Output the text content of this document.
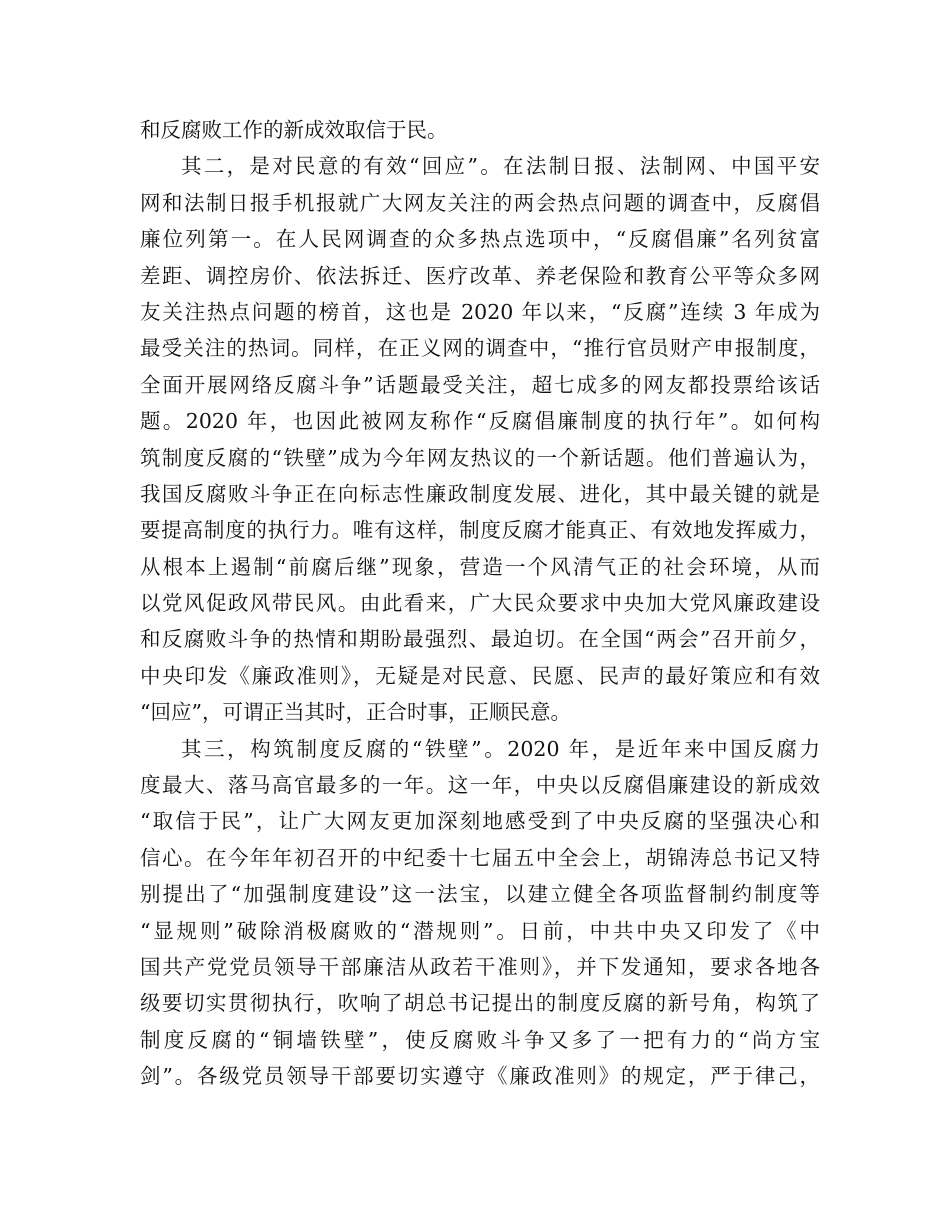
和反腐败工作的新成效取信于民。
其二，是对民意的有效“回应”。在法制日报、法制网、中国平安
网和法制日报手机报就广大网友关注的两会热点问题的调查中，反腐倡
廉位列第一。在人民网调查的众多热点选项中，“反腐倡廉”名列贫富
差距、调控房价、依法拆迁、医疗改革、养老保险和教育公平等众多网
友关注热点问题的榜首，这也是 2020 年以来，“反腐”连续 3 年成为
最受关注的热词。同样，在正义网的调查中，“推行官员财产申报制度，
全面开展网络反腐斗争”话题最受关注，超七成多的网友都投票给该话
题。2020 年，也因此被网友称作“反腐倡廉制度的执行年”。如何构
筑制度反腐的“铁壁”成为今年网友热议的一个新话题。他们普遍认为，
我国反腐败斗争正在向标志性廉政制度发展、进化，其中最关键的就是
要提高制度的执行力。唯有这样，制度反腐才能真正、有效地发挥威力，
从根本上遏制“前腐后继”现象，营造一个风清气正的社会环境，从而
以党风促政风带民风。由此看来，广大民众要求中央加大党风廉政建设
和反腐败斗争的热情和期盼最强烈、最迫切。在全国“两会”召开前夕，
中央印发《廉政准则》，无疑是对民意、民愿、民声的最好策应和有效
“回应”，可谓正当其时，正合时事，正顺民意。
其三，构筑制度反腐的“铁壁”。2020 年，是近年来中国反腐力
度最大、落马高官最多的一年。这一年，中央以反腐倡廉建设的新成效
“取信于民”，让广大网友更加深刻地感受到了中央反腐的坚强决心和
信心。在今年年初召开的中纪委十七届五中全会上，胡锦涛总书记又特
别提出了“加强制度建设”这一法宝，以建立健全各项监督制约制度等
“显规则”破除消极腐败的“潜规则”。日前，中共中央又印发了《中
国共产党党员领导干部廉洁从政若干准则》，并下发通知，要求各地各
级要切实贯彻执行，吹响了胡总书记提出的制度反腐的新号角，构筑了
制度反腐的“铜墙铁壁”，使反腐败斗争又多了一把有力的“尚方宝
剑”。各级党员领导干部要切实遵守《廉政准则》的规定，严于律己，
